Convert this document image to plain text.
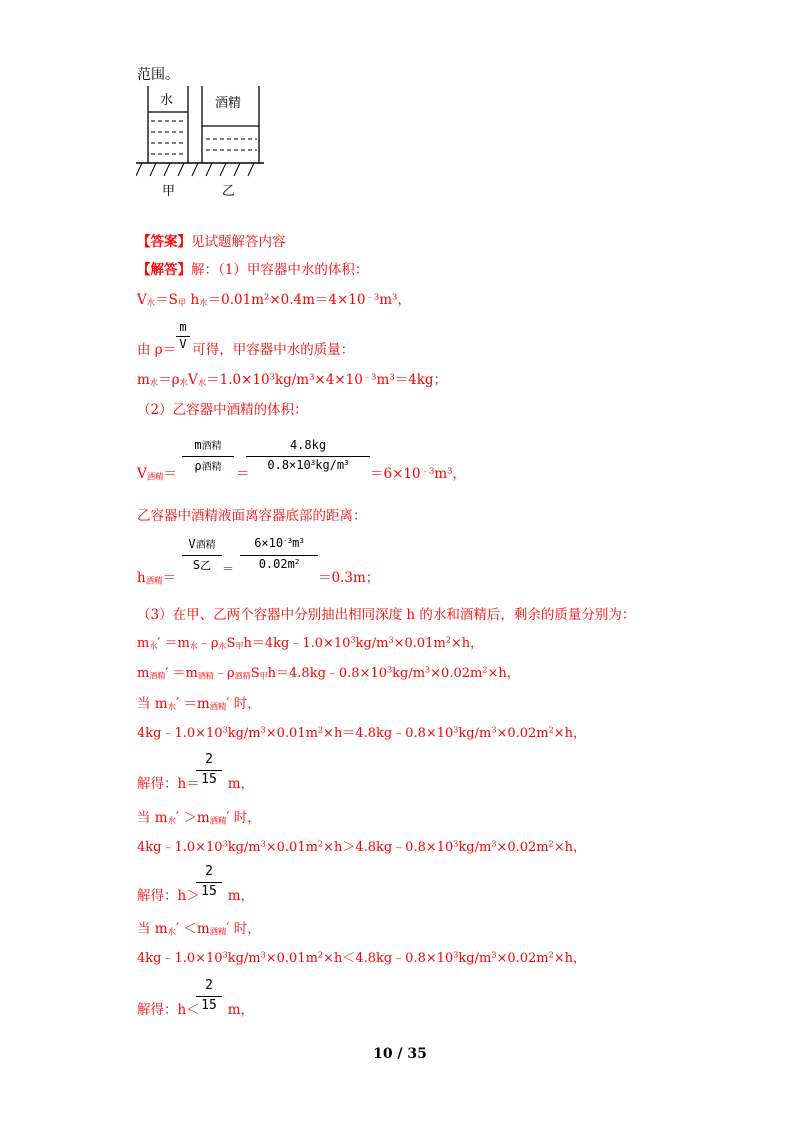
范围。
水	酒精
甲	乙
【答案】见试题解答内容
【解答】解：（1）甲容器中水的体积：
$V_水=S_甲$ $h_水=0.01m^2\times 0.4m=4\times 10^{﹣3}m^3$，
由 ρ＝ 可得，甲容器中水的质量：
m
V
$m_水=\rho_水V_水=1.0\times 10^3kg/m^3\times 4\times 10^{﹣3}m^3=4kg$；
（2）乙容器中酒精的体积：
$V_{酒精}=$
m酒精
ρ酒精	＝
4.8kg
$0.8\times 10^3kg/m^3$
$=6\times 10^{﹣3}m^3$，
乙容器中酒精液面离容器底部的距离：
$h_{酒精}=$
V酒精
S乙 ＝
$6\times 10^{-3}m^3$
$0.02m^2$
＝0.3m；
（3）在甲、乙两个容器中分别抽出相同深度 h 的水和酒精后，剩余的质量分别为：
$m_水'$ $=m_水﹣\rho_水S_甲h=4kg﹣1.0\times 10^3kg/m^3\times 0.01m^2\times h$，
$m_{酒精}'$ $=m_{酒精}﹣\rho_{酒精}S_甲h=4.8kg﹣0.8\times 10^3kg/m^3\times 0.02m^2\times h$，
当 $m_水' =m_{酒精}'$ 时，
$4kg﹣1.0\times 10^3kg/m^3\times 0.01m^2\times h=4.8kg﹣0.8\times 10^3kg/m^3\times 0.02m^2\times h$，
解得：h＝ m，
2
15
当 $m_水' >m_{酒精}'$ 时，
$4kg﹣1.0\times 10^3kg/m^3\times 0.01m^2\times h>4.8kg﹣0.8\times 10^3kg/m^3\times 0.02m^2\times h$，
解得：h＞ m，
2
15
当 $m_水' <m_{酒精}'$ 时，
$4kg﹣1.0\times 10^3kg/m^3\times 0.01m^2\times h<4.8kg﹣0.8\times 10^3kg/m^3\times 0.02m^2\times h$，
解得：h＜ m，
2
15
10 / 35
